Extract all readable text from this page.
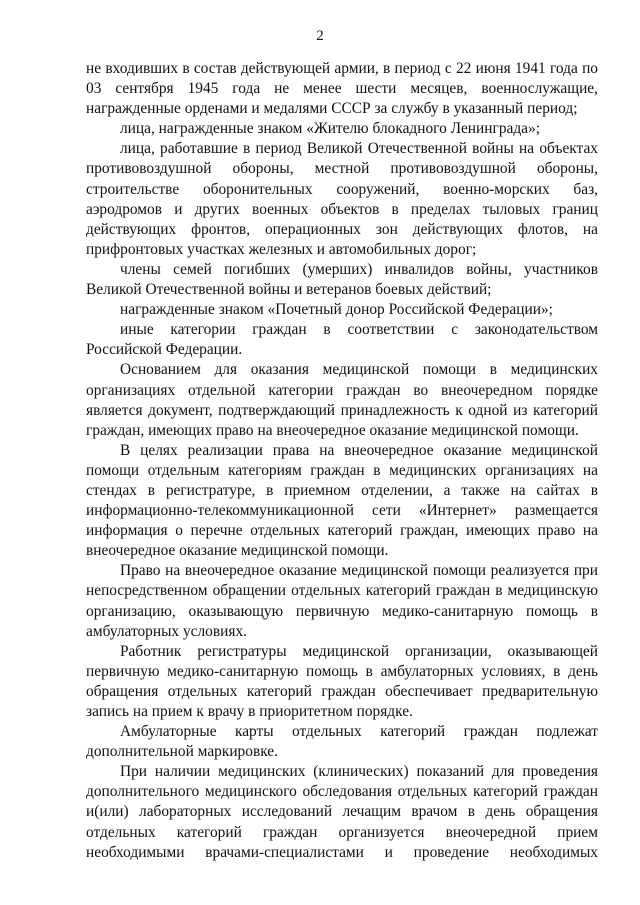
2

не входивших в состав действующей армии, в период с 22 июня 1941 года по 03 сентября 1945 года не менее шести месяцев, военнослужащие, награжденные орденами и медалями СССР за службу в указанный период;

лица, награжденные знаком «Жителю блокадного Ленинграда»;

лица, работавшие в период Великой Отечественной войны на объектах противовоздушной обороны, местной противовоздушной обороны, строительстве оборонительных сооружений, военно-морских баз, аэродромов и других военных объектов в пределах тыловых границ действующих фронтов, операционных зон действующих флотов, на прифронтовых участках железных и автомобильных дорог;

члены семей погибших (умерших) инвалидов войны, участников Великой Отечественной войны и ветеранов боевых действий;

награжденные знаком «Почетный донор Российской Федерации»;

иные категории граждан в соответствии с законодательством Российской Федерации.

Основанием для оказания медицинской помощи в медицинских организациях отдельной категории граждан во внеочередном порядке является документ, подтверждающий принадлежность к одной из категорий граждан, имеющих право на внеочередное оказание медицинской помощи.

В целях реализации права на внеочередное оказание медицинской помощи отдельным категориям граждан в медицинских организациях на стендах в регистратуре, в приемном отделении, а также на сайтах в информационно-телекоммуникационной сети «Интернет» размещается информация о перечне отдельных категорий граждан, имеющих право на внеочередное оказание медицинской помощи.

Право на внеочередное оказание медицинской помощи реализуется при непосредственном обращении отдельных категорий граждан в медицинскую организацию, оказывающую первичную медико-санитарную помощь в амбулаторных условиях.

Работник регистратуры медицинской организации, оказывающей первичную медико-санитарную помощь в амбулаторных условиях, в день обращения отдельных категорий граждан обеспечивает предварительную запись на прием к врачу в приоритетном порядке.

Амбулаторные карты отдельных категорий граждан подлежат дополнительной маркировке.

При наличии медицинских (клинических) показаний для проведения дополнительного медицинского обследования отдельных категорий граждан и(или) лабораторных исследований лечащим врачом в день обращения отдельных категорий граждан организуется внеочередной прием необходимыми врачами-специалистами и проведение необходимых
